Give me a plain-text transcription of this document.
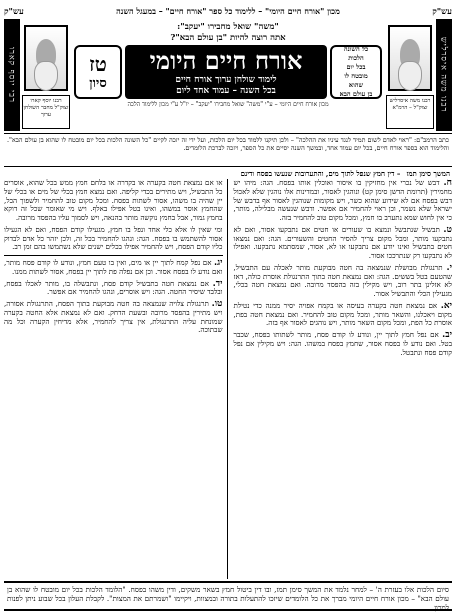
עש"ק
מכון "אורח חיים היומי" – ללימוד כל ספר "אורח חיים" – במעגל השנה
עש"ק
רבנו משה איסרליש
רבנו משה איסרליש זצוק"ל – הרמ"א
"משה" שואל מחבירו "יעקב":
אתה רוצה להיות "בן עולם הבא"?
כל השונה
הלכות
בכל יום
מובטח לו
שהוא
בן עולם הבא
אורח חיים היומי
לימוד שולחן ערוך אורח חיים
בכל השנה – עמוד אחד ליום
טז
סיון
מכון אורח חיים היומי – ע"י "משה" שואל מחבירו "יעקב" – יו"ל ע"י מכון ללימוד הלכה
רבנו יוסף קארו זצוק"ל מחבר השולחן ערוך
רבי יוסף קארו
כתב הרמב"ם: "ראוי לאדם לשום תמיד לנגד עיניו את ההלכה" – ולכן תיקנו ללמוד בכל יום הלכות, ועל ידי זה יזכה לקיים "כל השונה הלכות בכל יום מובטח לו שהוא בן עולם הבא". והלימוד הוא בספר אורח חיים, בכל יום עמוד אחד, ובמשך השנה יסיים את כל הספר, ויזכה לברכת הלומדים.
המשך סימן תמז
– דין חמץ שנפל לתוך מים, והתערובות שנעשו בפסח ודינם

ח. דבש של נכרי אין מחזיקין בו איסור ואוכלין אותו בפסח. הגה: מיהו יש מחמירין (תרומת הדשן סימן קט) ונוהגין לאסור, ובמדינות אלו נוהגין שלא לאכול דבש בפסח אם לא שידוע שהוא כשר, ויש מקומות שנוהגין לאסור אף בדבש של ישראל שלא נשמר, וכן ראוי להחמיר אם אפשר. ודבש שנעשה מבלילה, מותר, כי אין לחוש שמא נתערב בו חמץ, ומכל מקום טוב להחמיר בזה.

ט. תבשיל שנתבשל ונמצא בו שעורים או חטים אם נתבקעו אסור, ואם לא נתבקעו מותר, ומכל מקום צריך להסיר החטים והשעורים. הגה: ואם נמצאו חטים בתבשיל ואינו יודע אם נתבקעו או לא, אסור, שמסתמא נתבקעו. ואפילו לא נתבקעו רק שנתרככו אסור.

י. תרנגולת מבושלת שנמצאה בה חטה מבוקעת מותר לאכלה עם התבשיל, שהטעם בטל בששים. הגה: ואם נמצאת חטה בתוך התרנגולת אוסרת כולה, דאז לא אזלינן בתר רוב, ויש מקילין בזה בהפסד מרובה. ואם נמצאת חטה בכלי, מגעילין הכלי והתבשיל אסור.

יא. אם נמצאת חטה בקערה בעיסה או בקמח אפויה יסיר ממנה כדי נטילת מקום ויאכלנו, והשאר מותר, ומכל מקום טוב להחמיר. ואם נמצאת חטה בפת, אוסרת כל הפת, ומכל מקום השאר מותר, ויש נוהגים לאסור אף בזה.

יב. אם נפל חמץ לתוך יין, ונודע לו קודם פסח, מותר לשתותו בפסח, שכבר בטל. ואם נודע לו בפסח אסור, שחמץ בפסח במשהו. הגה: ויש מקילין אם נפל קודם פסח ונתבטל.

או אם נמצאת חטה בקערה או בקדרה או בלחם חמץ ממש בכל שהוא, אוסרים כל התבשיל, ויש מתירים בכדי קליפה. ואם נמצא חמץ בכלי של מים או בכלי של יין שהיה בו משהו, אסור לשתות בפסח. ומכל מקום טוב להחמיר ולשפוך הכל, שהחמץ אוסר במשהו, ואינו בטל אפילו באלף. ויש מי שאומר שכל זה דוקא בחמץ גמור, אבל בחמץ נוקשה מותר בהנאה, ויש לסמוך עליו בהפסד מרובה.

ומי שאין לו אלא כלי אחד ונפל בו חמץ, מגעילו קודם הפסח, ואם לא הגעילו אסור להשתמש בו בפסח. הגה: ונהגו להחמיר בכל זה, ולכן יזהר כל אדם לבדוק כליו קודם הפסח, ויש להחמיר אפילו בכלים ישנים שלא נשתמשו בהם זמן רב.

יג. אם נפל קמח לתוך יין או מים, ואין בו טעם חמץ, ונודע לו קודם פסח מותר, ואם נודע לו בפסח אסור. וכן אם נפלה פת לתוך יין בפסח, אסור לשתות ממנו.

יד. אם נמצאת חטה בתבשיל קודם פסח, ונתבשלה בו, מותר לאכלו בפסח, ובלבד שיסיר החטה. הגה: ויש אוסרים, ונהגו להחמיר אם אפשר.

טו. תרנגולת צלויה שנמצאה בה חטה מבוקעת בתוך הפסח, התרנגולת אסורה, ויש מתירין בהפסד מרובה ובשעת הדחק. ואם לא נמצאת אלא החטה בקערה שמונחת עליה התרנגולת, אין צריך להחמיר, אלא מדיחין הקערה וכל מה שבתוכה.

סיום הלכות אלו בעזרת ה' – למחר נלמד את המשך סימן תמז, ובו דין ביטול חמץ בשאר משקים, ודין משהו בפסח. "הלומד הלכות בכל יום מובטח לו שהוא בן עולם הבא" – מכון אורח חיים היומי מברך את כל הלומדים שיזכו להתעלות בתורה ובמצוות, ויקיימו "ושמרתם את המצות". לקבלת העלון בכל שבוע ניתן לפנות למכון.
